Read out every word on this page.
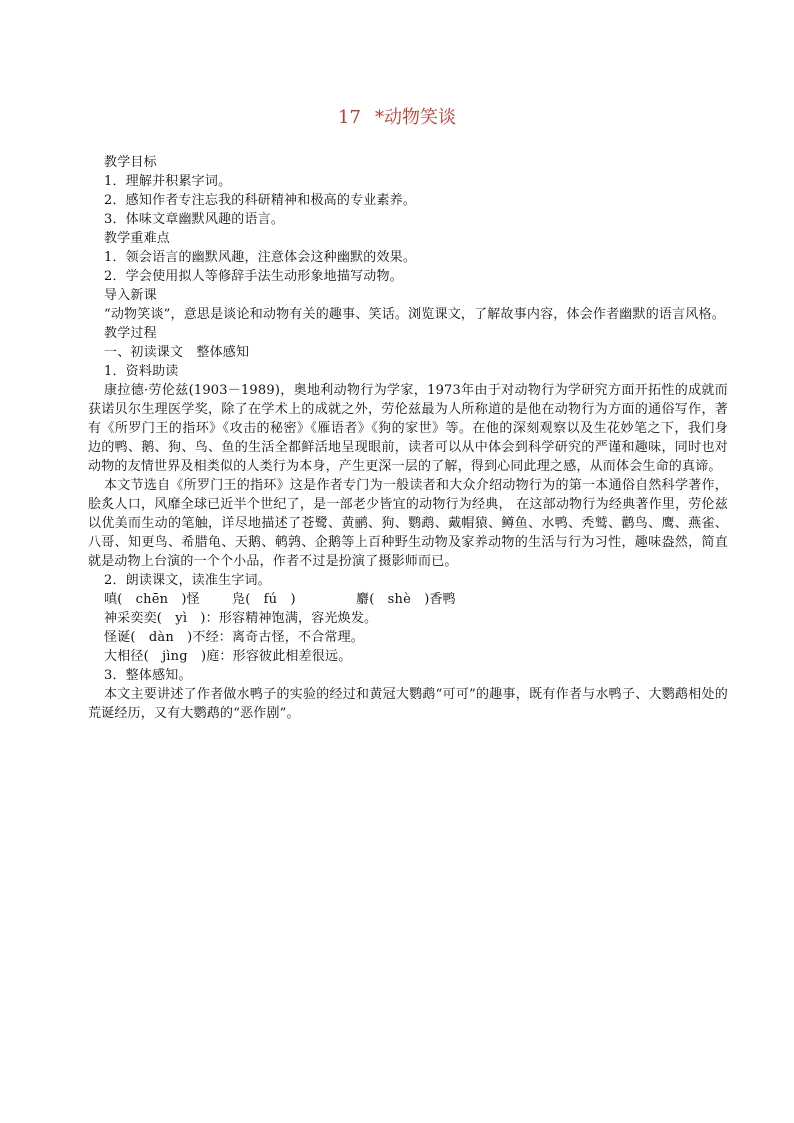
17 *动物笑谈

教学目标

1．理解并积累字词。

2．感知作者专注忘我的科研精神和极高的专业素养。

3．体味文章幽默风趣的语言。

教学重难点

1．领会语言的幽默风趣，注意体会这种幽默的效果。

2．学会使用拟人等修辞手法生动形象地描写动物。

导入新课

“动物笑谈”，意思是谈论和动物有关的趣事、笑话。浏览课文，了解故事内容，体会作者幽默的语言风格。

教学过程

一、初读课文　整体感知

1．资料助读

康拉德·劳伦兹(1903－1989)，奥地利动物行为学家，1973年由于对动物行为学研究方面开拓性的成就而获诺贝尔生理医学奖，除了在学术上的成就之外，劳伦兹最为人所称道的是他在动物行为方面的通俗写作，著有《所罗门王的指环》《攻击的秘密》《雁语者》《狗的家世》等。在他的深刻观察以及生花妙笔之下，我们身边的鸭、鹅、狗、鸟、鱼的生活全都鲜活地呈现眼前，读者可以从中体会到科学研究的严谨和趣味，同时也对动物的友情世界及相类似的人类行为本身，产生更深一层的了解，得到心同此理之感，从而体会生命的真谛。

本文节选自《所罗门王的指环》这是作者专门为一般读者和大众介绍动物行为的第一本通俗自然科学著作，脍炙人口，风靡全球已近半个世纪了，是一部老少皆宜的动物行为经典， 在这部动物行为经典著作里，劳伦兹以优美而生动的笔触，详尽地描述了苍鹭、黄鹂、狗、鹦鹉、戴帽猿、鳟鱼、水鸭、秃鹫、鹳鸟、鹰、燕雀、八哥、知更鸟、希腊龟、天鹅、鹌鹑、企鹅等上百种野生动物及家养动物的生活与行为习性，趣味盎然，简直就是动物上台演的一个个小品，作者不过是扮演了摄影师而已。

2．朗读课文，读准生字词。

嗔(　chēn　)怪	凫(　fú　)	麝(　shè　)香鸭

神采奕奕(　yì　)：形容精神饱满，容光焕发。

怪诞(　dàn　)不经：离奇古怪，不合常理。

大相径(　jìng　)庭：形容彼此相差很远。

3．整体感知。

本文主要讲述了作者做水鸭子的实验的经过和黄冠大鹦鹉“可可”的趣事，既有作者与水鸭子、大鹦鹉相处的荒诞经历，又有大鹦鹉的“恶作剧”。
